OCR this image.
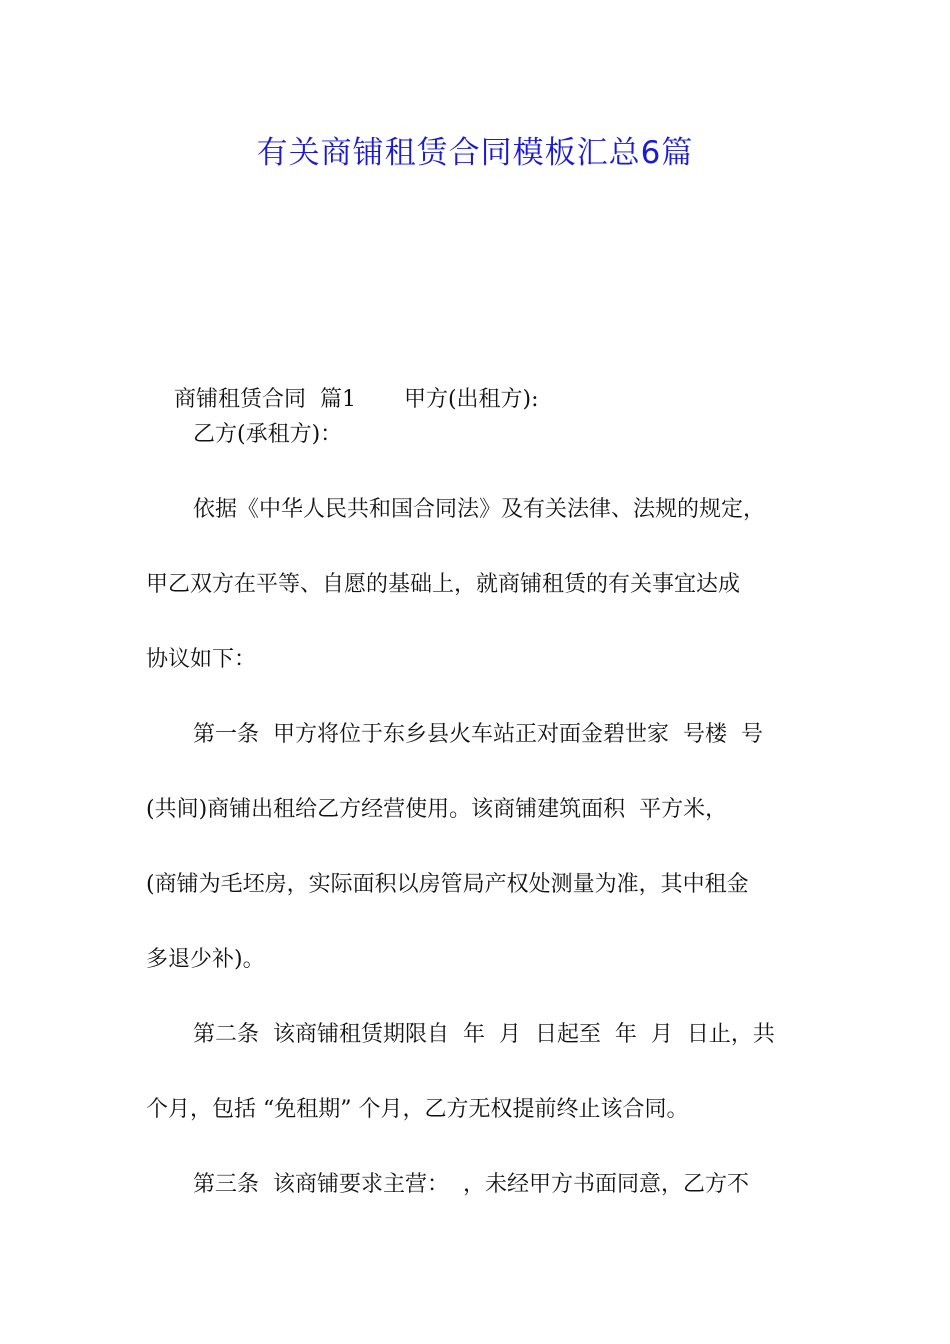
有关商铺租赁合同模板汇总6篇

商铺租赁合同  篇1 甲方(出租方):

乙方(承租方)：
依据《中华人民共和国合同法》及有关法律、法规的规定，
甲乙双方在平等、自愿的基础上，就商铺租赁的有关事宜达成
协议如下：
第一条  甲方将位于东乡县火车站正对面金碧世家  号楼  号
(共间)商铺出租给乙方经营使用。该商铺建筑面积  平方米，
(商铺为毛坯房，实际面积以房管局产权处测量为准，其中租金
多退少补)。
第二条  该商铺租赁期限自  年  月  日起至  年  月  日止，共
个月，包括 “免租期” 个月，乙方无权提前终止该合同。
第三条  该商铺要求主营：  ，未经甲方书面同意，乙方不
